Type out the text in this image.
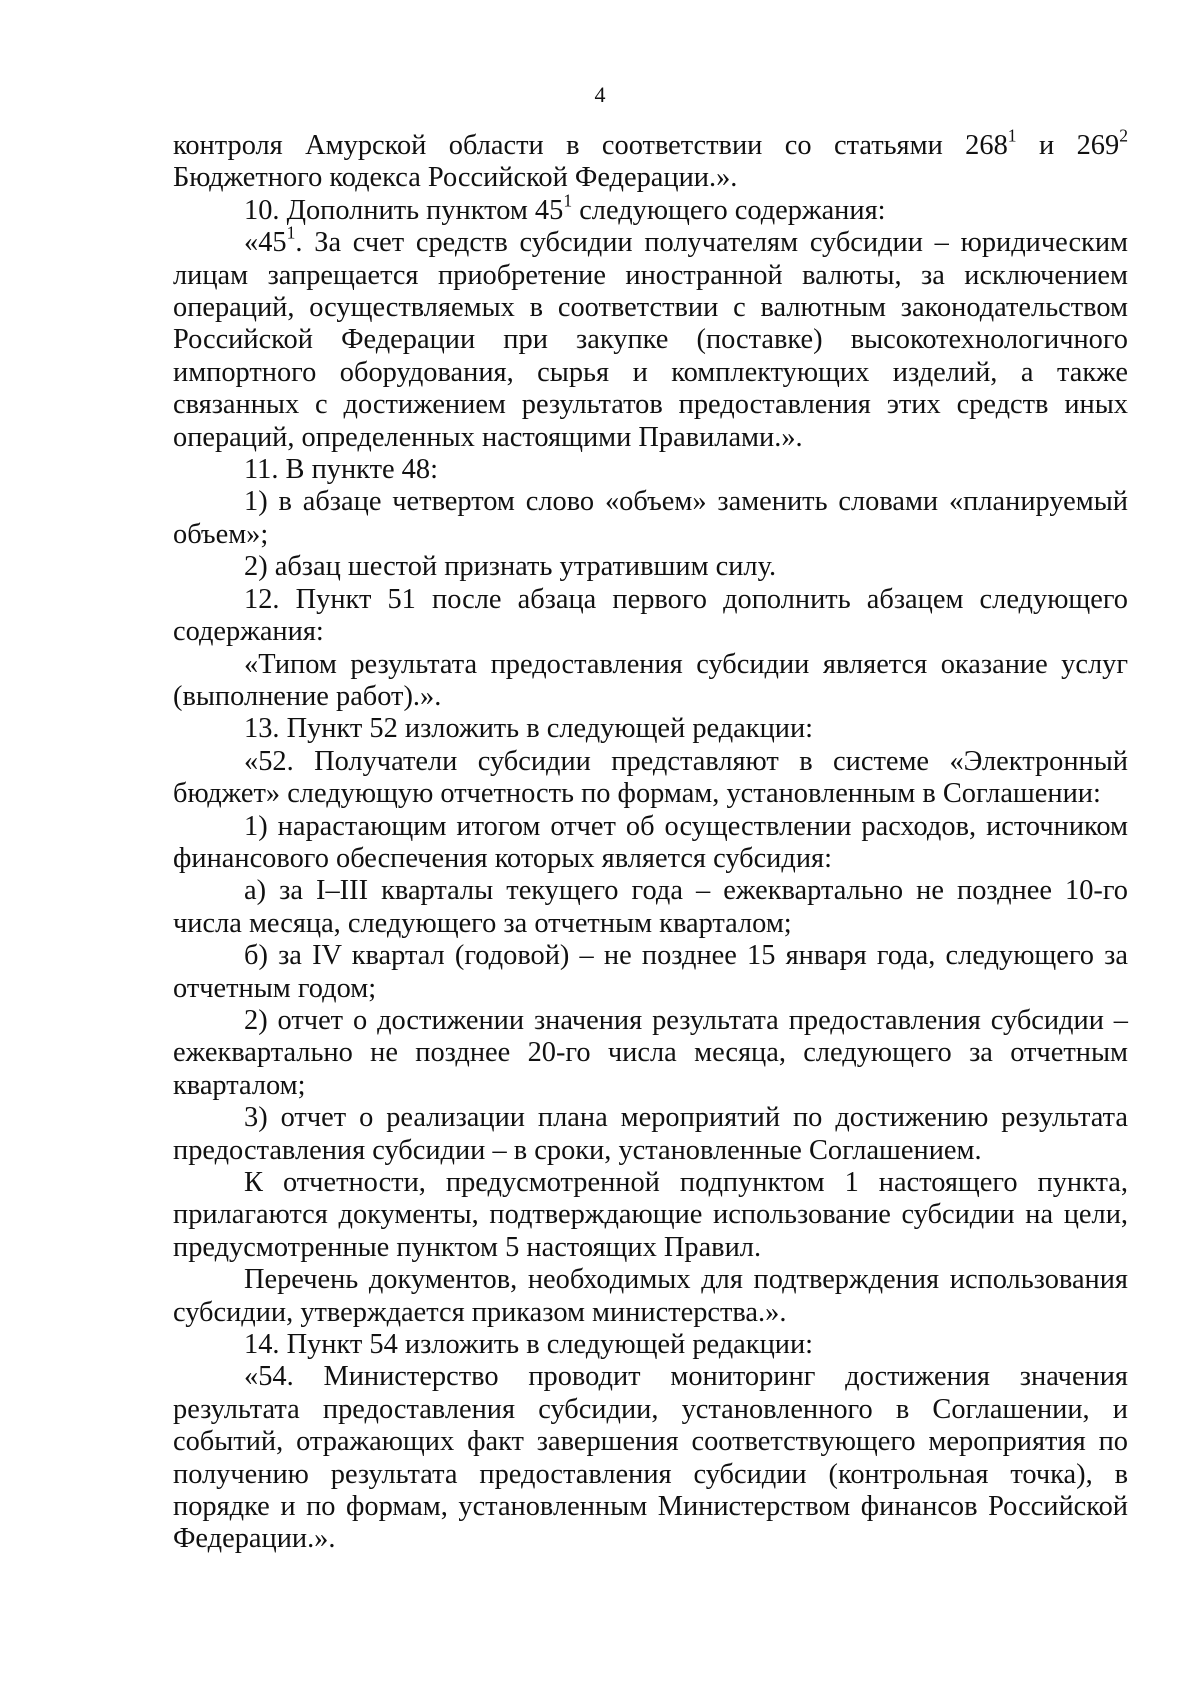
4

контроля Амурской области в соответствии со статьями $268^1$ и $269^2$ Бюджетного кодекса Российской Федерации.».

10. Дополнить пунктом $45^1$ следующего содержания:

«$45^1$. За счет средств субсидии получателям субсидии – юридическим лицам запрещается приобретение иностранной валюты, за исключением операций, осуществляемых в соответствии с валютным законодательством Российской Федерации при закупке (поставке) высокотехнологичного импортного оборудования, сырья и комплектующих изделий, а также связанных с достижением результатов предоставления этих средств иных операций, определенных настоящими Правилами.».

11. В пункте 48:

1) в абзаце четвертом слово «объем» заменить словами «планируемый объем»;

2) абзац шестой признать утратившим силу.

12. Пункт 51 после абзаца первого дополнить абзацем следующего содержания:

«Типом результата предоставления субсидии является оказание услуг (выполнение работ).».

13. Пункт 52 изложить в следующей редакции:

«52. Получатели субсидии представляют в системе «Электронный бюджет» следующую отчетность по формам, установленным в Соглашении:

1) нарастающим итогом отчет об осуществлении расходов, источником финансового обеспечения которых является субсидия:

а) за I–III кварталы текущего года – ежеквартально не позднее 10-го числа месяца, следующего за отчетным кварталом;

б) за IV квартал (годовой) – не позднее 15 января года, следующего за отчетным годом;

2) отчет о достижении значения результата предоставления субсидии – ежеквартально не позднее 20-го числа месяца, следующего за отчетным кварталом;

3) отчет о реализации плана мероприятий по достижению результата предоставления субсидии – в сроки, установленные Соглашением.

К отчетности, предусмотренной подпунктом 1 настоящего пункта, прилагаются документы, подтверждающие использование субсидии на цели, предусмотренные пунктом 5 настоящих Правил.

Перечень документов, необходимых для подтверждения использования субсидии, утверждается приказом министерства.».

14. Пункт 54 изложить в следующей редакции:

«54. Министерство проводит мониторинг достижения значения результата предоставления субсидии, установленного в Соглашении, и событий, отражающих факт завершения соответствующего мероприятия по получению результата предоставления субсидии (контрольная точка), в порядке и по формам, установленным Министерством финансов Российской Федерации.».
